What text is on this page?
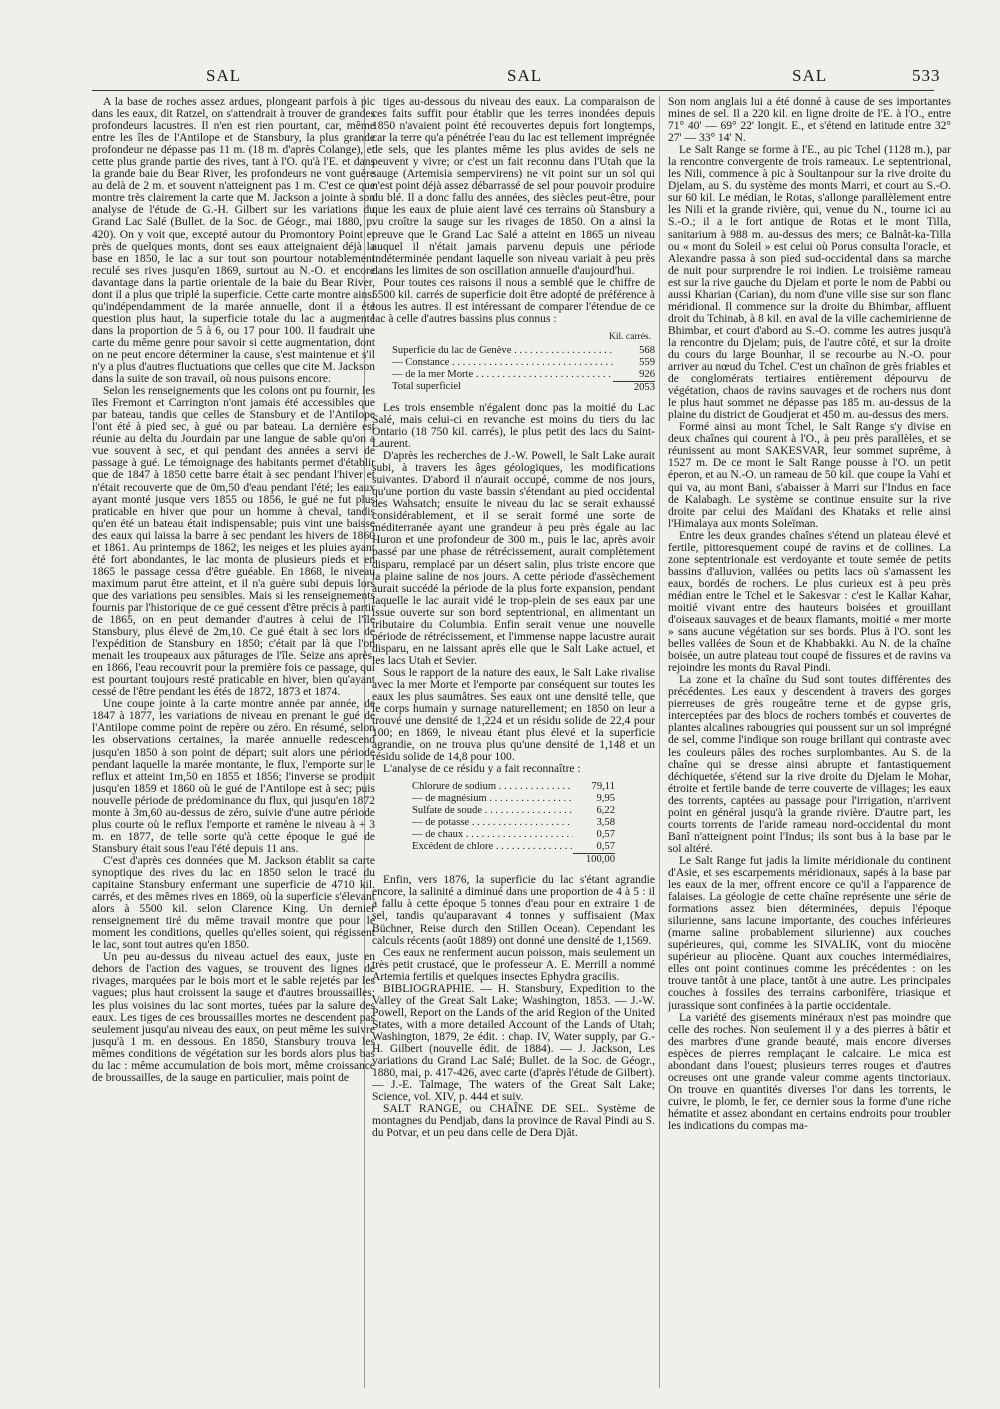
SAL	SAL	SAL	533

A la base de roches assez ardues, plongeant parfois à pic dans les eaux, dit Ratzel, on s'attendrait à trouver de grandes profondeurs lacustres. Il n'en est rien pourtant, car, même entre les îles de l'Antilope et de Stansbury, la plus grande profondeur ne dépasse pas 11 m. (18 m. d'après Colange), et cette plus grande partie des rives, tant à l'O. qu'à l'E. et dans la grande baie du Bear River, les profondeurs ne vont guère au delà de 2 m. et souvent n'atteignent pas 1 m. C'est ce que montre très clairement la carte que M. Jackson a jointe à son analyse de l'étude de G.-H. Gilbert sur les variations du Grand Lac Salé (Bullet. de la Soc. de Géogr., mai 1880, p. 420). On y voit que, excepté autour du Promontory Point et près de quelques monts, dont ses eaux atteignaient déjà la base en 1850, le lac a sur tout son pourtour notablement reculé ses rives jusqu'en 1869, surtout au N.-O. et encore davantage dans la partie orientale de la baie du Bear River, dont il a plus que triplé la superficie. Cette carte montre ainsi qu'indépendamment de la marée annuelle, dont il a été question plus haut, la superficie totale du lac a augmenté dans la proportion de 5 à 6, ou 17 pour 100. Il faudrait une carte du même genre pour savoir si cette augmentation, dont on ne peut encore déterminer la cause, s'est maintenue et s'il n'y a plus d'autres fluctuations que celles que cite M. Jackson dans la suite de son travail, où nous puisons encore.

Selon les renseignements que les colons ont pu fournir, les îles Fremont et Carrington n'ont jamais été accessibles que par bateau, tandis que celles de Stansbury et de l'Antilope l'ont été à pied sec, à gué ou par bateau. La dernière est réunie au delta du Jourdain par une langue de sable qu'on a vue souvent à sec, et qui pendant des années a servi de passage à gué. Le témoignage des habitants permet d'établir que de 1847 à 1850 cette barre était à sec pendant l'hiver et n'était recouverte que de 0m,50 d'eau pendant l'été; les eaux ayant monté jusque vers 1855 ou 1856, le gué ne fut plus praticable en hiver que pour un homme à cheval, tandis qu'en été un bateau était indispensable; puis vint une baisse des eaux qui laissa la barre à sec pendant les hivers de 1860 et 1861. Au printemps de 1862, les neiges et les pluies ayant été fort abondantes, le lac monta de plusieurs pieds et en 1865 le passage cessa d'être guéable. En 1868, le niveau maximum parut être atteint, et il n'a guère subi depuis lors que des variations peu sensibles. Mais si les renseignements fournis par l'historique de ce gué cessent d'être précis à partir de 1865, on en peut demander d'autres à celui de l'île Stansbury, plus élevé de 2m,10. Ce gué était à sec lors de l'expédition de Stansbury en 1850; c'était par là que l'on menait les troupeaux aux pâturages de l'île. Seize ans après, en 1866, l'eau recouvrit pour la première fois ce passage, qui est pourtant toujours resté praticable en hiver, bien qu'ayant cessé de l'être pendant les étés de 1872, 1873 et 1874.

Une coupe jointe à la carte montre année par année, de 1847 à 1877, les variations de niveau en prenant le gué de l'Antilope comme point de repère ou zéro. En résumé, selon les observations certaines, la marée annuelle redescend jusqu'en 1850 à son point de départ; suit alors une période pendant laquelle la marée montante, le flux, l'emporte sur le reflux et atteint 1m,50 en 1855 et 1856; l'inverse se produit jusqu'en 1859 et 1860 où le gué de l'Antilope est à sec; puis nouvelle période de prédominance du flux, qui jusqu'en 1872 monte à 3m,60 au-dessus de zéro, suivie d'une autre période plus courte où le reflux l'emporte et ramène le niveau à + 3 m. en 1877, de telle sorte qu'à cette époque le gué de Stansbury était sous l'eau l'été depuis 11 ans.

C'est d'après ces données que M. Jackson établit sa carte synoptique des rives du lac en 1850 selon le tracé du capitaine Stansbury enfermant une superficie de 4710 kil. carrés, et des mêmes rives en 1869, où la superficie s'élevant alors à 5500 kil. selon Clarence King. Un dernier renseignement tiré du même travail montre que pour le moment les conditions, quelles qu'elles soient, qui régissent le lac, sont tout autres qu'en 1850.

Un peu au-dessus du niveau actuel des eaux, juste en dehors de l'action des vagues, se trouvent des lignes de rivages, marquées par le bois mort et le sable rejetés par les vagues; plus haut croissent la sauge et d'autres broussailles; les plus voisines du lac sont mortes, tuées par la salure des eaux. Les tiges de ces broussailles mortes ne descendent pas seulement jusqu'au niveau des eaux, on peut même les suivre jusqu'à 1 m. en dessous. En 1850, Stansbury trouva les mêmes conditions de végétation sur les bords alors plus bas du lac : même accumulation de bois mort, même croissance de broussailles, de la sauge en particulier, mais point de

tiges au-dessous du niveau des eaux. La comparaison de ces faits suffit pour établir que les terres inondées depuis 1850 n'avaient point été recouvertes depuis fort longtemps, car la terre qu'a pénétrée l'eau du lac est tellement imprégnée de sels, que les plantes même les plus avides de sels ne peuvent y vivre; or c'est un fait reconnu dans l'Utah que la sauge (Artemisia sempervirens) ne vit point sur un sol qui n'est point déjà assez débarrassé de sel pour pouvoir produire du blé. Il a donc fallu des années, des siècles peut-être, pour que les eaux de pluie aient lavé ces terrains où Stansbury a vu croître la sauge sur les rivages de 1850. On a ainsi la preuve que le Grand Lac Salé a atteint en 1865 un niveau auquel il n'était jamais parvenu depuis une période indéterminée pendant laquelle son niveau variait à peu près dans les limites de son oscillation annuelle d'aujourd'hui.

Pour toutes ces raisons il nous a semblé que le chiffre de 5500 kil. carrés de superficie doit être adopté de préférence à tous les autres. Il est intéressant de comparer l'étendue de ce lac à celle d'autres bassins plus connus :

Kil. carrés.
Superficie du lac de Genève . . .	568
— Constance . . .	559
— de la mer Morte . . .	926
Total superficiel	2053

Les trois ensemble n'égalent donc pas la moitié du Lac Salé, mais celui-ci en revanche est moins du tiers du lac Ontario (18 750 kil. carrés), le plus petit des lacs du Saint-Laurent.

D'après les recherches de J.-W. Powell, le Salt Lake aurait subi, à travers les âges géologiques, les modifications suivantes. D'abord il n'aurait occupé, comme de nos jours, qu'une portion du vaste bassin s'étendant au pied occidental des Wahsatch; ensuite le niveau du lac se serait exhaussé considérablement, et il se serait formé une sorte de méditerranée ayant une grandeur à peu près égale au lac Huron et une profondeur de 300 m., puis le lac, après avoir passé par une phase de rétrécissement, aurait complètement disparu, remplacé par un désert salin, plus triste encore que la plaine saline de nos jours. A cette période d'assèchement aurait succédé la période de la plus forte expansion, pendant laquelle le lac aurait vidé le trop-plein de ses eaux par une issue ouverte sur son bord septentrional, en alimentant un tributaire du Columbia. Enfin serait venue une nouvelle période de rétrécissement, et l'immense nappe lacustre aurait disparu, en ne laissant après elle que le Salt Lake actuel, et les lacs Utah et Sevier.

Sous le rapport de la nature des eaux, le Salt Lake rivalise avec la mer Morte et l'emporte par conséquent sur toutes les eaux les plus saumâtres. Ses eaux ont une densité telle, que le corps humain y surnage naturellement; en 1850 on leur a trouvé une densité de 1,224 et un résidu solide de 22,4 pour 100; en 1869, le niveau étant plus élevé et la superficie agrandie, on ne trouva plus qu'une densité de 1,148 et un résidu solide de 14,8 pour 100.

L'analyse de ce résidu y a fait reconnaître :

Chlorure de sodium . . .	79,11
— de magnésium . . .	9,95
Sulfate de soude . . .	6,22
— de potasse . . .	3,58
— de chaux . . .	0,57
Excédent de chlore . . .	0,57
100,00

Enfin, vers 1876, la superficie du lac s'étant agrandie encore, la salinité a diminué dans une proportion de 4 à 5 : il a fallu à cette époque 5 tonnes d'eau pour en extraire 1 de sel, tandis qu'auparavant 4 tonnes y suffisaient (Max Büchner, Reise durch den Stillen Ocean). Cependant les calculs récents (août 1889) ont donné une densité de 1,1569.

Ces eaux ne renferment aucun poisson, mais seulement un très petit crustacé, que le professeur A. E. Merrill a nommé Artemia fertilis et quelques insectes Ephydra gracilis.

BIBLIOGRAPHIE. — H. Stansbury, Expedition to the Valley of the Great Salt Lake; Washington, 1853. — J.-W. Powell, Report on the Lands of the arid Region of the United States, with a more detailed Account of the Lands of Utah; Washington, 1879, 2e édit. : chap. IV, Water supply, par G.-H. Gilbert (nouvelle édit. de 1884). — J. Jackson, Les variations du Grand Lac Salé; Bullet. de la Soc. de Géogr., 1880, mai, p. 417-426, avec carte (d'après l'étude de Gilbert). — J.-E. Talmage, The waters of the Great Salt Lake; Science, vol. XIV, p. 444 et suiv.

SALT RANGE, ou CHAÎNE DE SEL. Système de montagnes du Pendjab, dans la province de Raval Pindi au S. du Potvar, et un peu dans celle de Dera Djât.

Son nom anglais lui a été donné à cause de ses importantes mines de sel. Il a 220 kil. en ligne droite de l'E. à l'O., entre 71° 40' — 69° 22' longit. E., et s'étend en latitude entre 32° 27' — 33° 14' N.

Le Salt Range se forme à l'E., au pic Tchel (1128 m.), par la rencontre convergente de trois rameaux. Le septentrional, les Nili, commence à pic à Soultanpour sur la rive droite du Djelam, au S. du système des monts Marri, et court au S.-O. sur 60 kil. Le médian, le Rotas, s'allonge parallèlement entre les Nili et la grande rivière, qui, venue du N., tourne ici au S.-O.; il a le fort antique de Rotas et le mont Tilla, sanitarium à 988 m. au-dessus des mers; ce Balnât-ka-Tilla ou « mont du Soleil » est celui où Porus consulta l'oracle, et Alexandre passa à son pied sud-occidental dans sa marche de nuit pour surprendre le roi indien. Le troisième rameau est sur la rive gauche du Djelam et porte le nom de Pabbi ou aussi Kharian (Carian), du nom d'une ville sise sur son flanc méridional. Il commence sur la droite du Bhimbar, affluent droit du Tchinab, à 8 kil. en aval de la ville cachemirienne de Bhimbar, et court d'abord au S.-O. comme les autres jusqu'à la rencontre du Djelam; puis, de l'autre côté, et sur la droite du cours du large Bounhar, il se recourbe au N.-O. pour arriver au nœud du Tchel. C'est un chaînon de grès friables et de conglomérats tertiaires entièrement dépourvu de végétation, chaos de ravins sauvages et de rochers nus dont le plus haut sommet ne dépasse pas 185 m. au-dessus de la plaine du district de Goudjerat et 450 m. au-dessus des mers.

Formé ainsi au mont Tchel, le Salt Range s'y divise en deux chaînes qui courent à l'O., à peu près parallèles, et se réunissent au mont SAKESVAR, leur sommet suprême, à 1527 m. De ce mont le Salt Range pousse à l'O. un petit éperon, et au N.-O. un rameau de 50 kil. que coupe la Vahi et qui va, au mont Bani, s'abaisser à Marri sur l'Indus en face de Kalabagh. Le système se continue ensuite sur la rive droite par celui des Maïdani des Khataks et relie ainsi l'Himalaya aux monts Soleïman.

Entre les deux grandes chaînes s'étend un plateau élevé et fertile, pittoresquement coupé de ravins et de collines. La zone septentrionale est verdoyante et toute semée de petits bassins d'alluvion, vallées ou petits lacs où s'amassent les eaux, bordés de rochers. Le plus curieux est à peu près médian entre le Tchel et le Sakesvar : c'est le Kallar Kahar, moitié vivant entre des hauteurs boisées et grouillant d'oiseaux sauvages et de beaux flamants, moitié « mer morte » sans aucune végétation sur ses bords. Plus à l'O. sont les belles vallées de Soun et de Khabbakki. Au N. de la chaîne boisée, un autre plateau tout coupé de fissures et de ravins va rejoindre les monts du Raval Pindi.

La zone et la chaîne du Sud sont toutes différentes des précédentes. Les eaux y descendent à travers des gorges pierreuses de grès rougeâtre terne et de gypse gris, interceptées par des blocs de rochers tombés et couvertes de plantes alcalines rabougries qui poussent sur un sol imprégné de sel, comme l'indique son rouge brillant qui contraste avec les couleurs pâles des roches surplombantes. Au S. de la chaîne qui se dresse ainsi abrupte et fantastiquement déchiquetée, s'étend sur la rive droite du Djelam le Mohar, étroite et fertile bande de terre couverte de villages; les eaux des torrents, captées au passage pour l'irrigation, n'arrivent point en général jusqu'à la grande rivière. D'autre part, les courts torrents de l'aride rameau nord-occidental du mont Banî n'atteignent point l'Indus; ils sont bus à la base par le sol altéré.

Le Salt Range fut jadis la limite méridionale du continent d'Asie, et ses escarpements méridionaux, sapés à la base par les eaux de la mer, offrent encore ce qu'il a l'apparence de falaises. La géologie de cette chaîne représente une série de formations assez bien déterminées, depuis l'époque silurienne, sans lacune importante, des couches inférieures (marne saline probablement silurienne) aux couches supérieures, qui, comme les SIVALIK, vont du miocène supérieur au pliocène. Quant aux couches intermédiaires, elles ont point continues comme les précédentes : on les trouve tantôt à une place, tantôt à une autre. Les principales couches à fossiles des terrains carbonifère, triasique et jurassique sont confinées à la partie occidentale.

La variété des gisements minéraux n'est pas moindre que celle des roches. Non seulement il y a des pierres à bâtir et des marbres d'une grande beauté, mais encore diverses espèces de pierres remplaçant le calcaire. Le mica est abondant dans l'ouest; plusieurs terres rouges et d'autres ocreuses ont une grande valeur comme agents tinctoriaux. On trouve en quantités diverses l'or dans les torrents, le cuivre, le plomb, le fer, ce dernier sous la forme d'une riche hématite et assez abondant en certains endroits pour troubler les indications du compas ma-
